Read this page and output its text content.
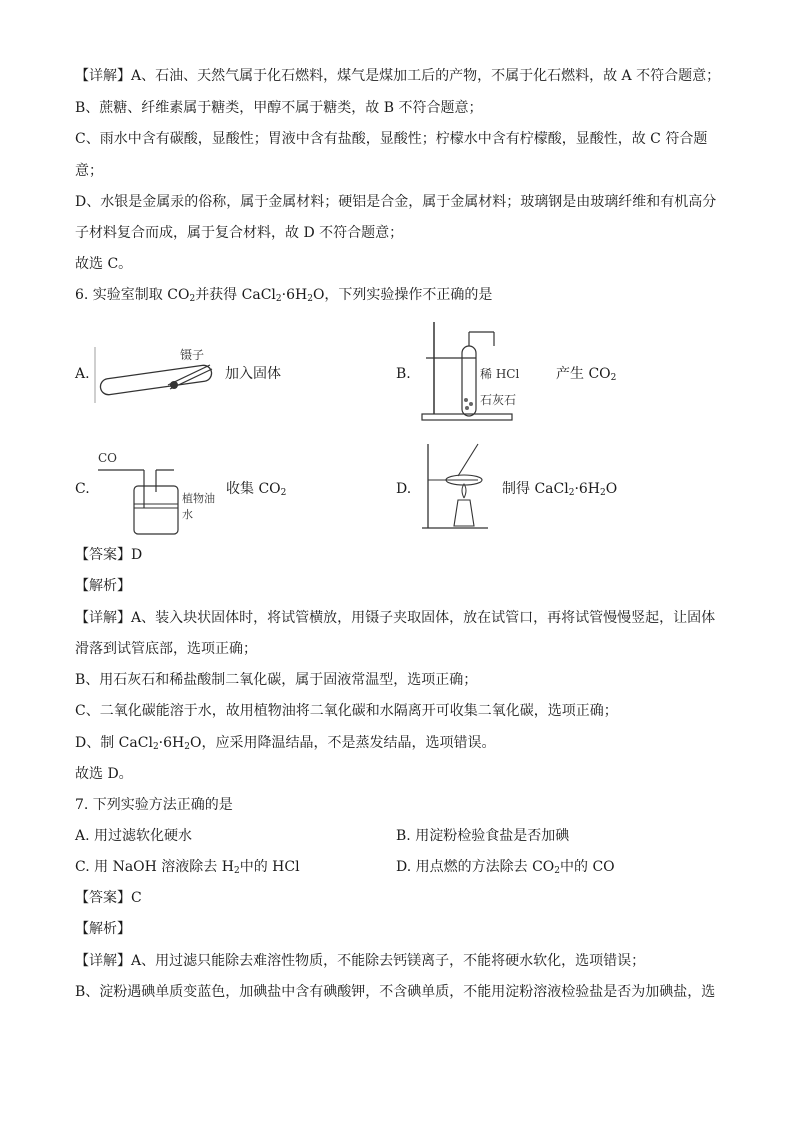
【详解】A、石油、天然气属于化石燃料，煤气是煤加工后的产物，不属于化石燃料，故 A 不符合题意；
B、蔗糖、纤维素属于糖类，甲醇不属于糖类，故 B 不符合题意；
C、雨水中含有碳酸，显酸性；胃液中含有盐酸，显酸性；柠檬水中含有柠檬酸，显酸性，故 C 符合题
意；
D、水银是金属汞的俗称，属于金属材料；硬铝是合金，属于金属材料；玻璃钢是由玻璃纤维和有机高分
子材料复合而成，属于复合材料，故 D 不符合题意；
故选 C。
6. 实验室制取 $CO_2$并获得 $CaCl_2\cdot 6H_2O$，下列实验操作不正确的是
A.
镊子
加入固体	B.	稀 HCl
石灰石
产生 $CO_2$
C.
CO
植物油
水
收集 $CO_2$	D.	制得 $CaCl_2\cdot 6H_2O$
【答案】D
【解析】
【详解】A、装入块状固体时，将试管横放，用镊子夹取固体，放在试管口，再将试管慢慢竖起，让固体
滑落到试管底部，选项正确；
B、用石灰石和稀盐酸制二氧化碳，属于固液常温型，选项正确；
C、二氧化碳能溶于水，故用植物油将二氧化碳和水隔离开可收集二氧化碳，选项正确；
D、制 $CaCl_2\cdot 6H_2O$，应采用降温结晶，不是蒸发结晶，选项错误。
故选 D。
7. 下列实验方法正确的是
A. 用过滤软化硬水	B. 用淀粉检验食盐是否加碘
C. 用 NaOH 溶液除去 $H_2$中的 HCl	D. 用点燃的方法除去 $CO_2$中的 CO
【答案】C
【解析】
【详解】A、用过滤只能除去难溶性物质，不能除去钙镁离子，不能将硬水软化，选项错误；
B、淀粉遇碘单质变蓝色，加碘盐中含有碘酸钾，不含碘单质，不能用淀粉溶液检验盐是否为加碘盐，选
